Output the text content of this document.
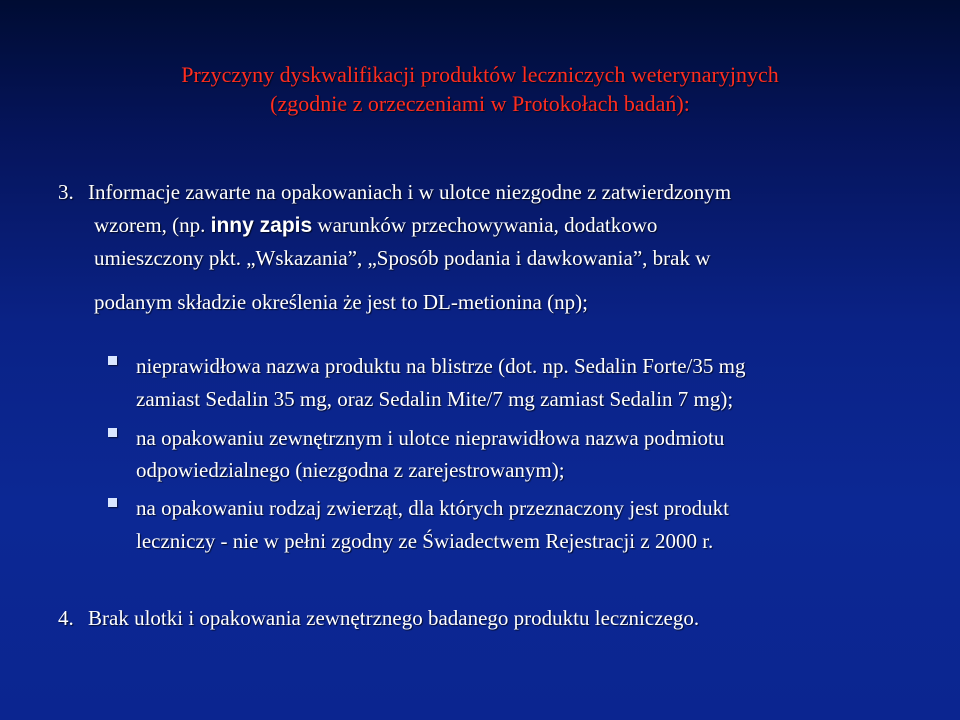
Przyczyny dyskwalifikacji produktów leczniczych weterynaryjnych
(zgodnie z orzeczeniami w Protokołach badań):
3. Informacje zawarte na opakowaniach i w ulotce niezgodne z zatwierdzonym
wzorem, (np. inny zapis warunków przechowywania, dodatkowo
umieszczony pkt. „Wskazania”, „Sposób podania i dawkowania”, brak w
podanym składzie określenia że jest to DL-metionina (np);
nieprawidłowa nazwa produktu na blistrze (dot. np. Sedalin Forte/35 mg
zamiast Sedalin 35 mg, oraz Sedalin Mite/7 mg zamiast Sedalin 7 mg);
na opakowaniu zewnętrznym i ulotce nieprawidłowa nazwa podmiotu
odpowiedzialnego (niezgodna z zarejestrowanym);
na opakowaniu rodzaj zwierząt, dla których przeznaczony jest produkt
leczniczy - nie w pełni zgodny ze Świadectwem Rejestracji z 2000 r.
4. Brak ulotki i opakowania zewnętrznego badanego produktu leczniczego.
